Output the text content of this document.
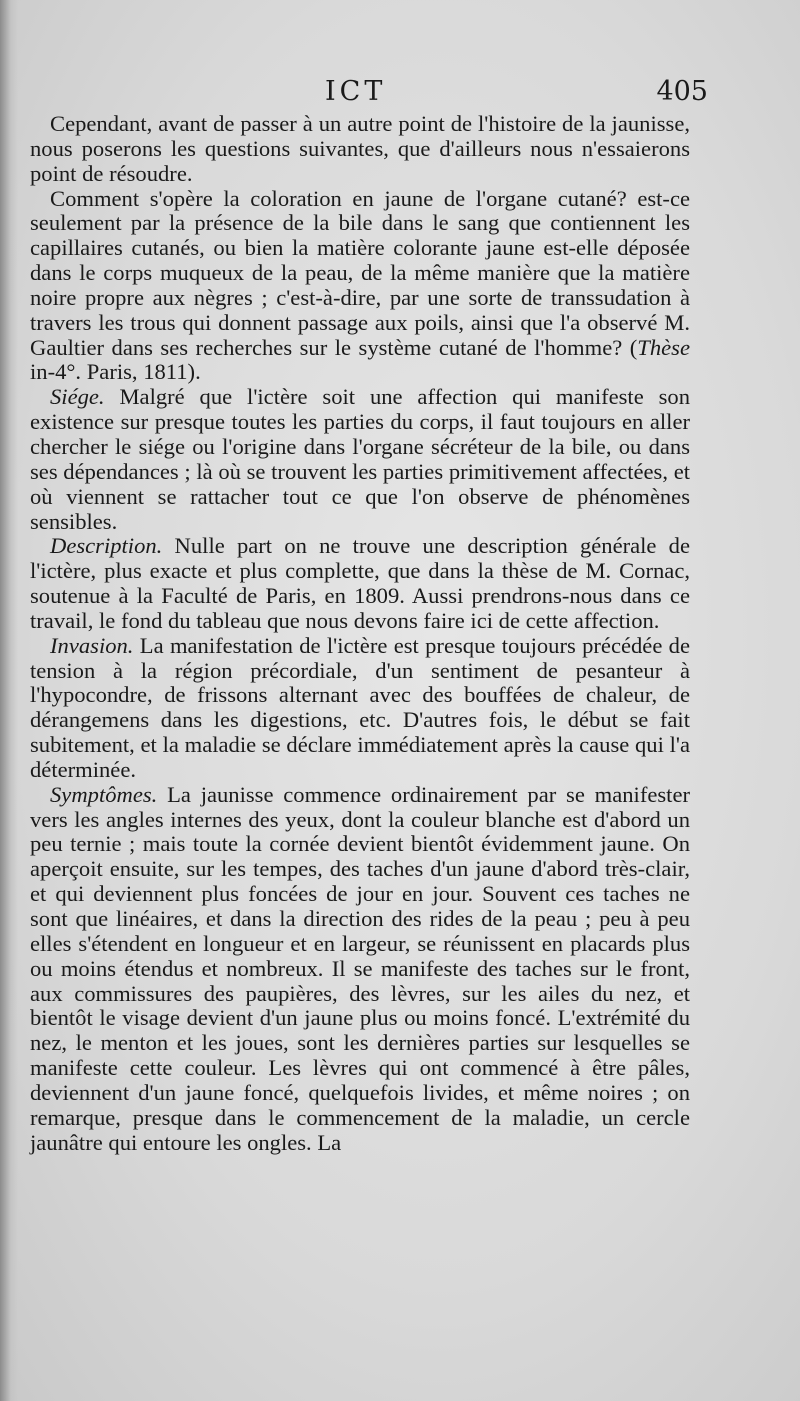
ICT	405

Cependant, avant de passer à un autre point de l'histoire de la jaunisse, nous poserons les questions suivantes, que d'ailleurs nous n'essaierons point de résoudre.

Comment s'opère la coloration en jaune de l'organe cutané? est-ce seulement par la présence de la bile dans le sang que contiennent les capillaires cutanés, ou bien la matière colorante jaune est-elle déposée dans le corps muqueux de la peau, de la même manière que la matière noire propre aux nègres ; c'est-à-dire, par une sorte de transsudation à travers les trous qui donnent passage aux poils, ainsi que l'a observé M. Gaultier dans ses recherches sur le système cutané de l'homme? (Thèse in-4°. Paris, 1811).

Siége. Malgré que l'ictère soit une affection qui manifeste son existence sur presque toutes les parties du corps, il faut toujours en aller chercher le siége ou l'origine dans l'organe sécréteur de la bile, ou dans ses dépendances ; là où se trouvent les parties primitivement affectées, et où viennent se rattacher tout ce que l'on observe de phénomènes sensibles.

Description. Nulle part on ne trouve une description générale de l'ictère, plus exacte et plus complette, que dans la thèse de M. Cornac, soutenue à la Faculté de Paris, en 1809. Aussi prendrons-nous dans ce travail, le fond du tableau que nous devons faire ici de cette affection.

Invasion. La manifestation de l'ictère est presque toujours précédée de tension à la région précordiale, d'un sentiment de pesanteur à l'hypocondre, de frissons alternant avec des bouffées de chaleur, de dérangemens dans les digestions, etc. D'autres fois, le début se fait subitement, et la maladie se déclare immédiatement après la cause qui l'a déterminée.

Symptômes. La jaunisse commence ordinairement par se manifester vers les angles internes des yeux, dont la couleur blanche est d'abord un peu ternie ; mais toute la cornée devient bientôt évidemment jaune. On aperçoit ensuite, sur les tempes, des taches d'un jaune d'abord très-clair, et qui deviennent plus foncées de jour en jour. Souvent ces taches ne sont que linéaires, et dans la direction des rides de la peau ; peu à peu elles s'étendent en longueur et en largeur, se réunissent en placards plus ou moins étendus et nombreux. Il se manifeste des taches sur le front, aux commissures des paupières, des lèvres, sur les ailes du nez, et bientôt le visage devient d'un jaune plus ou moins foncé. L'extrémité du nez, le menton et les joues, sont les dernières parties sur lesquelles se manifeste cette couleur. Les lèvres qui ont commencé à être pâles, deviennent d'un jaune foncé, quelquefois livides, et même noires ; on remarque, presque dans le commencement de la maladie, un cercle jaunâtre qui entoure les ongles. La
